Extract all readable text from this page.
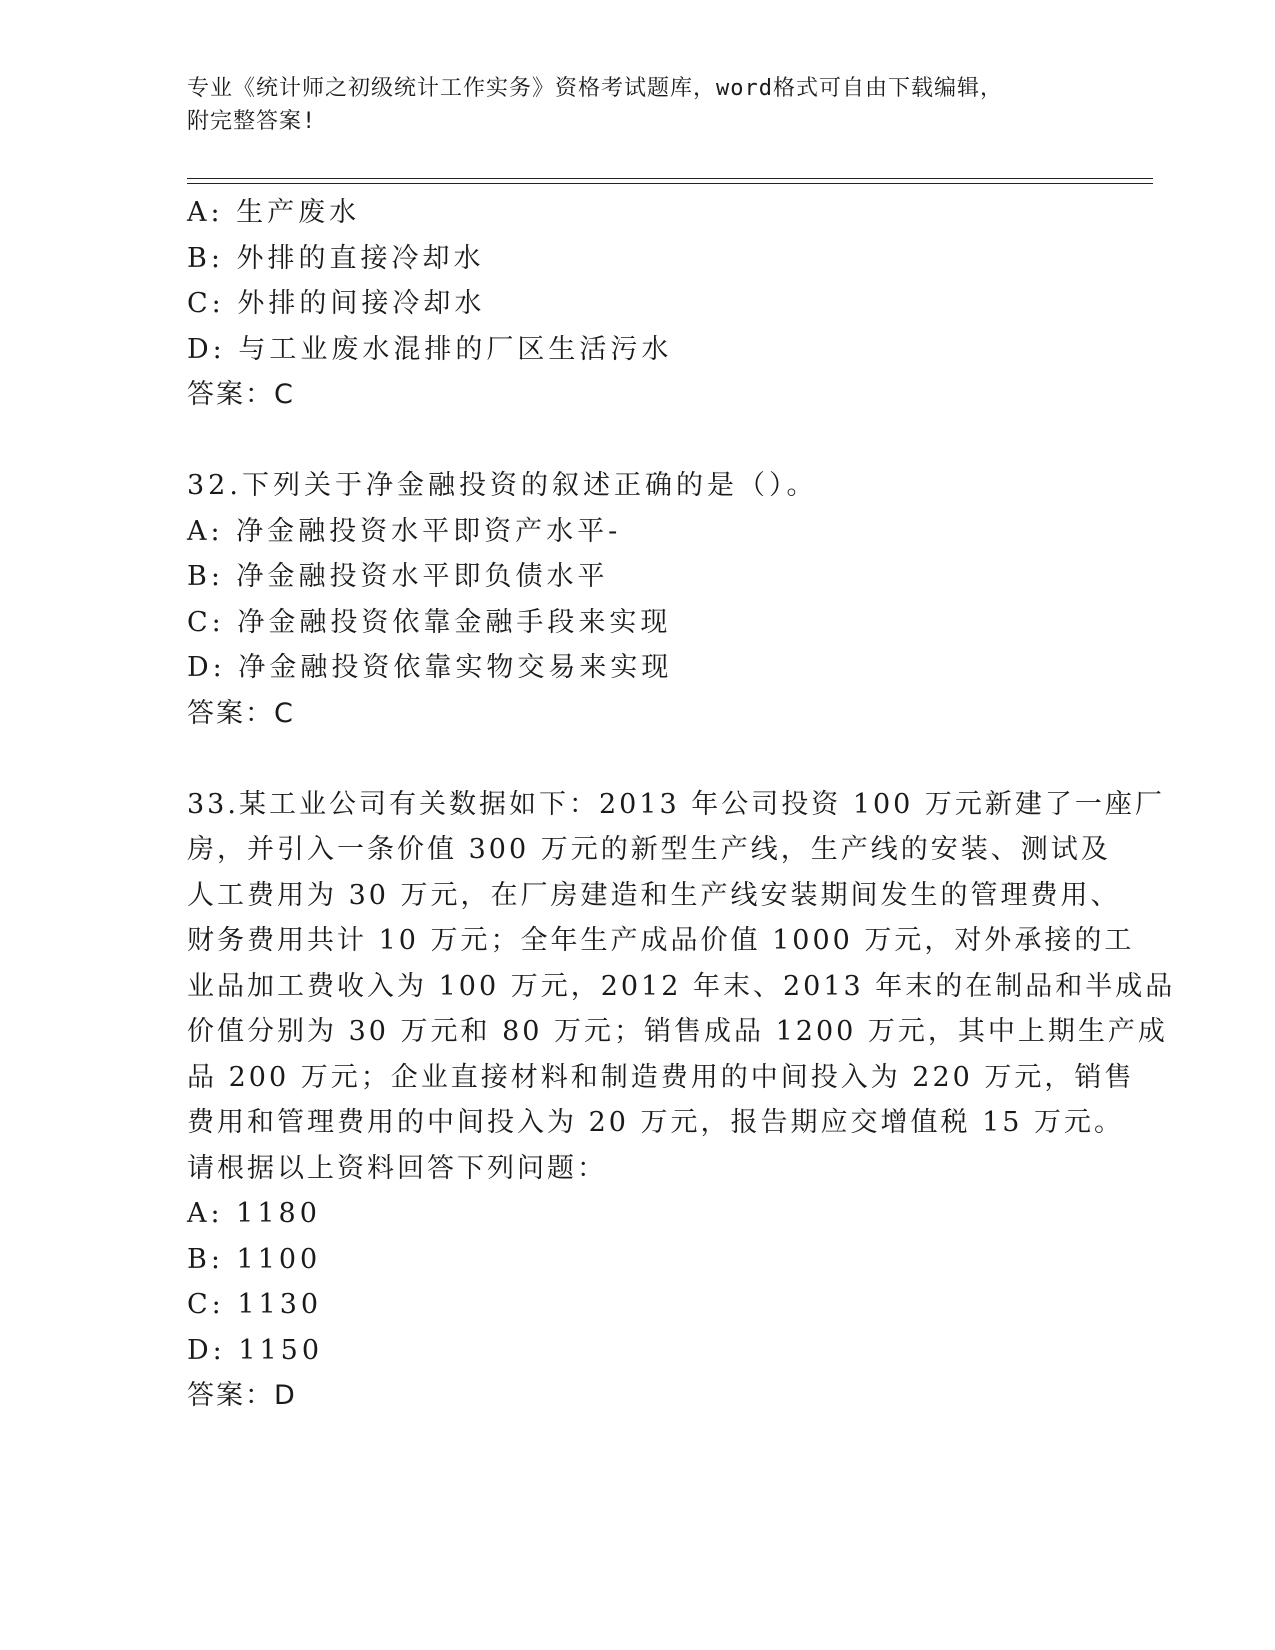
专业《统计师之初级统计工作实务》资格考试题库，word格式可自由下载编辑，
附完整答案!
A: 生产废水
B: 外排的直接冷却水
C: 外排的间接冷却水
D: 与工业废水混排的厂区生活污水
答案：C
32.下列关于净金融投资的叙述正确的是（）。
A: 净金融投资水平即资产水平-
B: 净金融投资水平即负债水平
C: 净金融投资依靠金融手段来实现
D: 净金融投资依靠实物交易来实现
答案：C
33.某工业公司有关数据如下：2013 年公司投资 100 万元新建了一座厂
房，并引入一条价值 300 万元的新型生产线，生产线的安装、测试及
人工费用为 30 万元，在厂房建造和生产线安装期间发生的管理费用、
财务费用共计 10 万元；全年生产成品价值 1000 万元，对外承接的工
业品加工费收入为 100 万元，2012 年末、2013 年末的在制品和半成品
价值分别为 30 万元和 80 万元；销售成品 1200 万元，其中上期生产成
品 200 万元；企业直接材料和制造费用的中间投入为 220 万元，销售
费用和管理费用的中间投入为 20 万元，报告期应交增值税 15 万元。
请根据以上资料回答下列问题：
A: 1180
B: 1100
C: 1130
D: 1150
答案：D
